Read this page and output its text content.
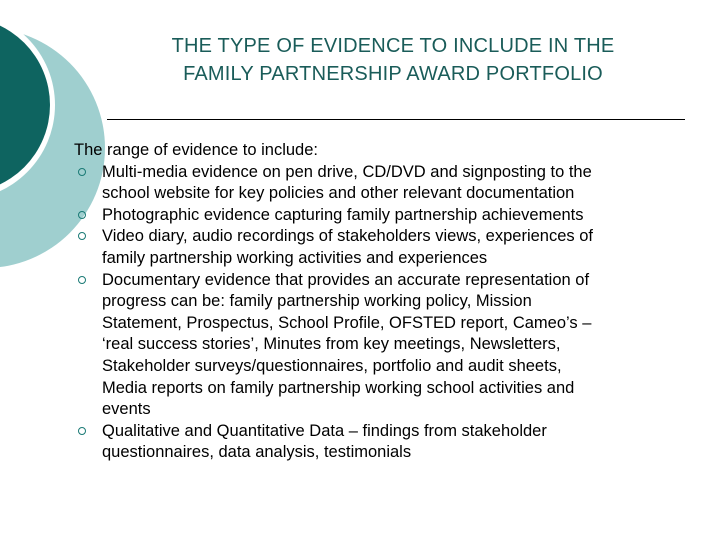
THE TYPE OF EVIDENCE TO INCLUDE IN THE
FAMILY PARTNERSHIP AWARD PORTFOLIO
The range of evidence to include:
Multi-media evidence on pen drive, CD/DVD and signposting to the
school website for key policies and other relevant documentation
Photographic evidence capturing family partnership achievements
Video diary, audio recordings of stakeholders views, experiences of
family partnership working activities and experiences
Documentary evidence that provides an accurate representation of
progress can be: family partnership working policy, Mission
Statement, Prospectus, School Profile, OFSTED report, Cameo’s –
‘real success stories’, Minutes from key meetings, Newsletters,
Stakeholder surveys/questionnaires, portfolio and audit sheets,
Media reports on family partnership working school activities and
events
Qualitative and Quantitative Data – findings from stakeholder
questionnaires, data analysis, testimonials
